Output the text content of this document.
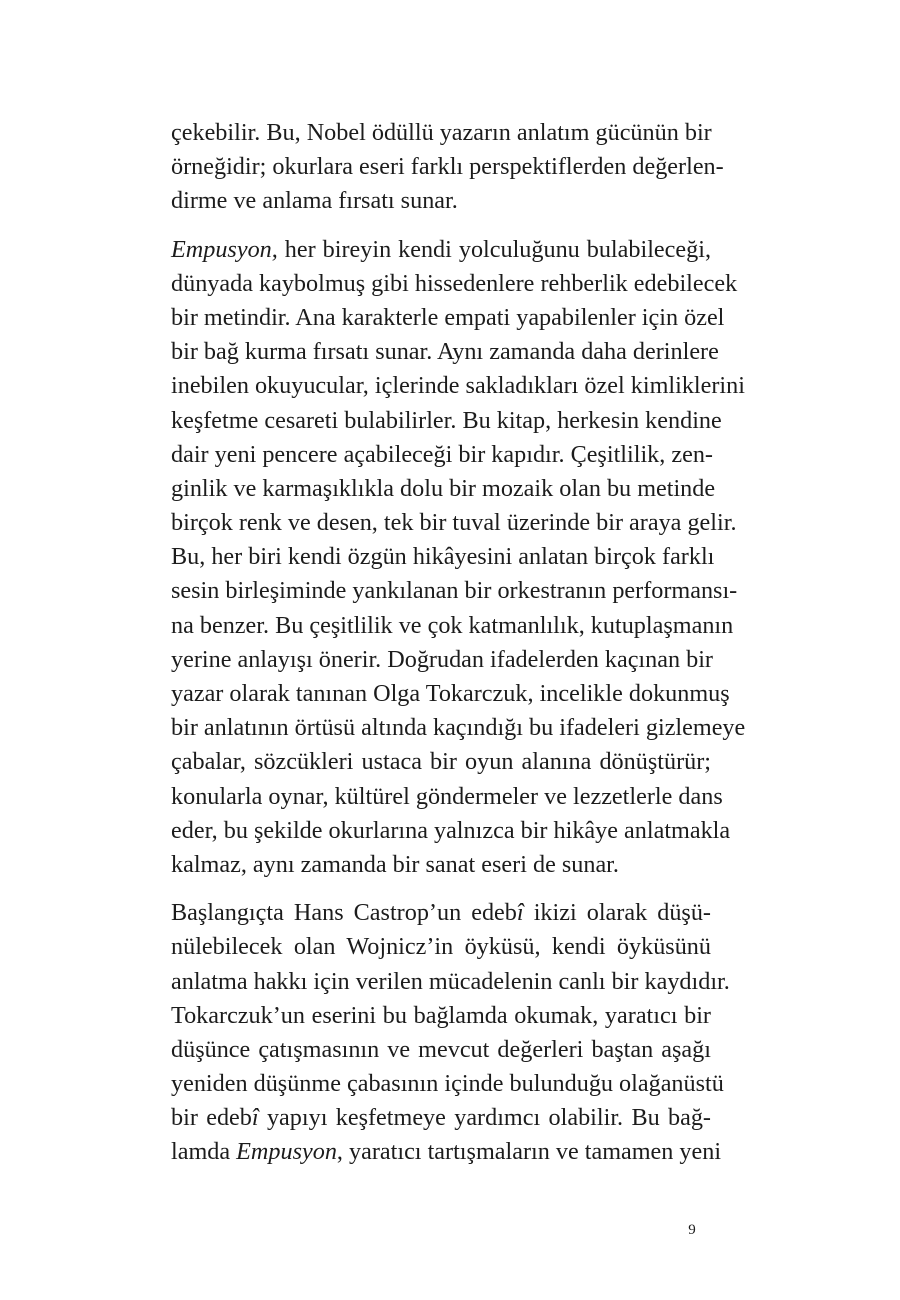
çekebilir. Bu, Nobel ödüllü yazarın anlatım gücünün bir
örneğidir; okurlara eseri farklı perspektiflerden değerlen-
dirme ve anlama fırsatı sunar.
Empusyon, her bireyin kendi yolculuğunu bulabileceği,
dünyada kaybolmuş gibi hissedenlere rehberlik edebilecek
bir metindir. Ana karakterle empati yapabilenler için özel
bir bağ kurma fırsatı sunar. Aynı zamanda daha derinlere
inebilen okuyucular, içlerinde sakladıkları özel kimliklerini
keşfetme cesareti bulabilirler. Bu kitap, herkesin kendine
dair yeni pencere açabileceği bir kapıdır. Çeşitlilik, zen-
ginlik ve karmaşıklıkla dolu bir mozaik olan bu metinde
birçok renk ve desen, tek bir tuval üzerinde bir araya gelir.
Bu, her biri kendi özgün hikâyesini anlatan birçok farklı
sesin birleşiminde yankılanan bir orkestranın performansı-
na benzer. Bu çeşitlilik ve çok katmanlılık, kutuplaşmanın
yerine anlayışı önerir. Doğrudan ifadelerden kaçınan bir
yazar olarak tanınan Olga Tokarczuk, incelikle dokunmuş
bir anlatının örtüsü altında kaçındığı bu ifadeleri gizlemeye
çabalar, sözcükleri ustaca bir oyun alanına dönüştürür;
konularla oynar, kültürel göndermeler ve lezzetlerle dans
eder, bu şekilde okurlarına yalnızca bir hikâye anlatmakla
kalmaz, aynı zamanda bir sanat eseri de sunar.
Başlangıçta Hans Castrop’un edebî ikizi olarak düşü-
nülebilecek olan Wojnicz’in öyküsü, kendi öyküsünü
anlatma hakkı için verilen mücadelenin canlı bir kaydıdır.
Tokarczuk’un eserini bu bağlamda okumak, yaratıcı bir
düşünce çatışmasının ve mevcut değerleri baştan aşağı
yeniden düşünme çabasının içinde bulunduğu olağanüstü
bir edebî yapıyı keşfetmeye yardımcı olabilir. Bu bağ-
lamda Empusyon, yaratıcı tartışmaların ve tamamen yeni
9
